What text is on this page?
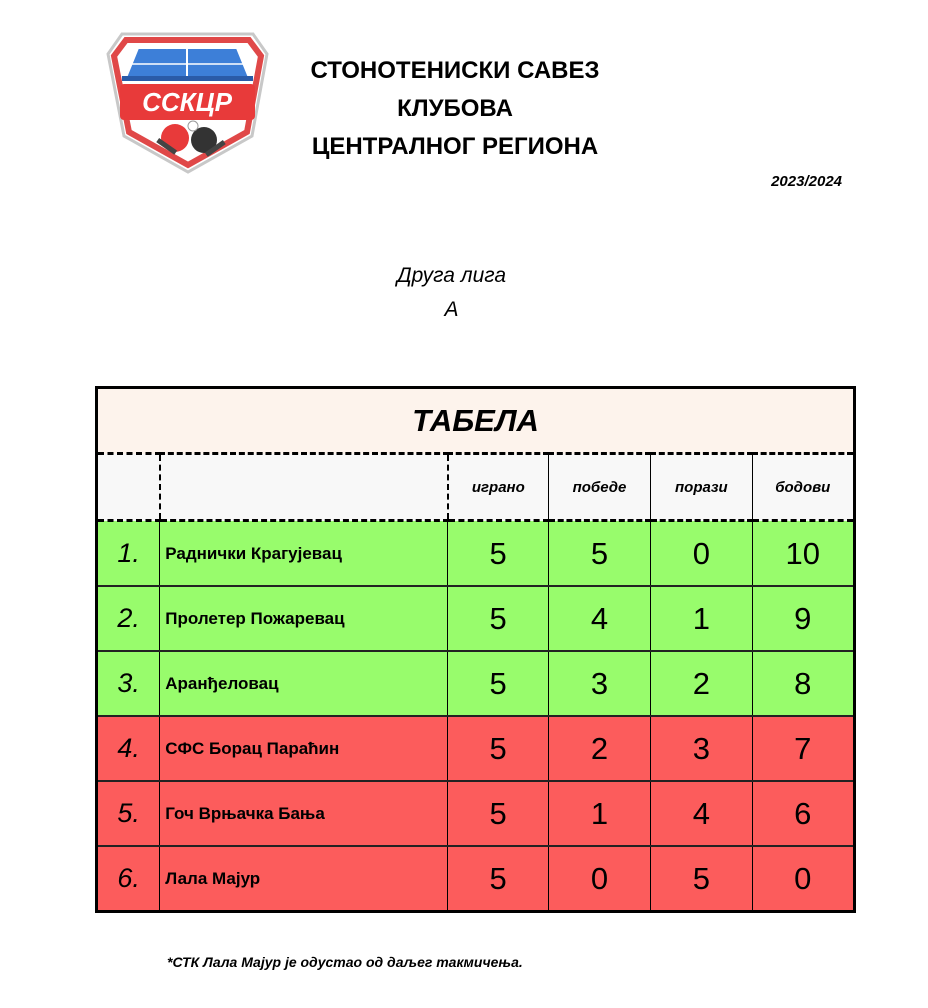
ССКЦР
СТОНОТЕНИСКИ САВЕЗ
КЛУБОВА
ЦЕНТРАЛНОГ РЕГИОНА
2023/2024
Друга лига
А
ТАБЕЛА					
		играно	победе	порази	бодови
1.	Раднички Крагујевац	5	5	0	10
2.	Пролетер Пожаревац	5	4	1	9
3.	Аранђеловац	5	3	2	8
4.	СФС Борац Параћин	5	2	3	7
5.	Гоч Врњачка Бања	5	1	4	6
6.	Лала Мајур	5	0	5	0
*СТК Лала Мајур је одустао од даљег такмичења.
